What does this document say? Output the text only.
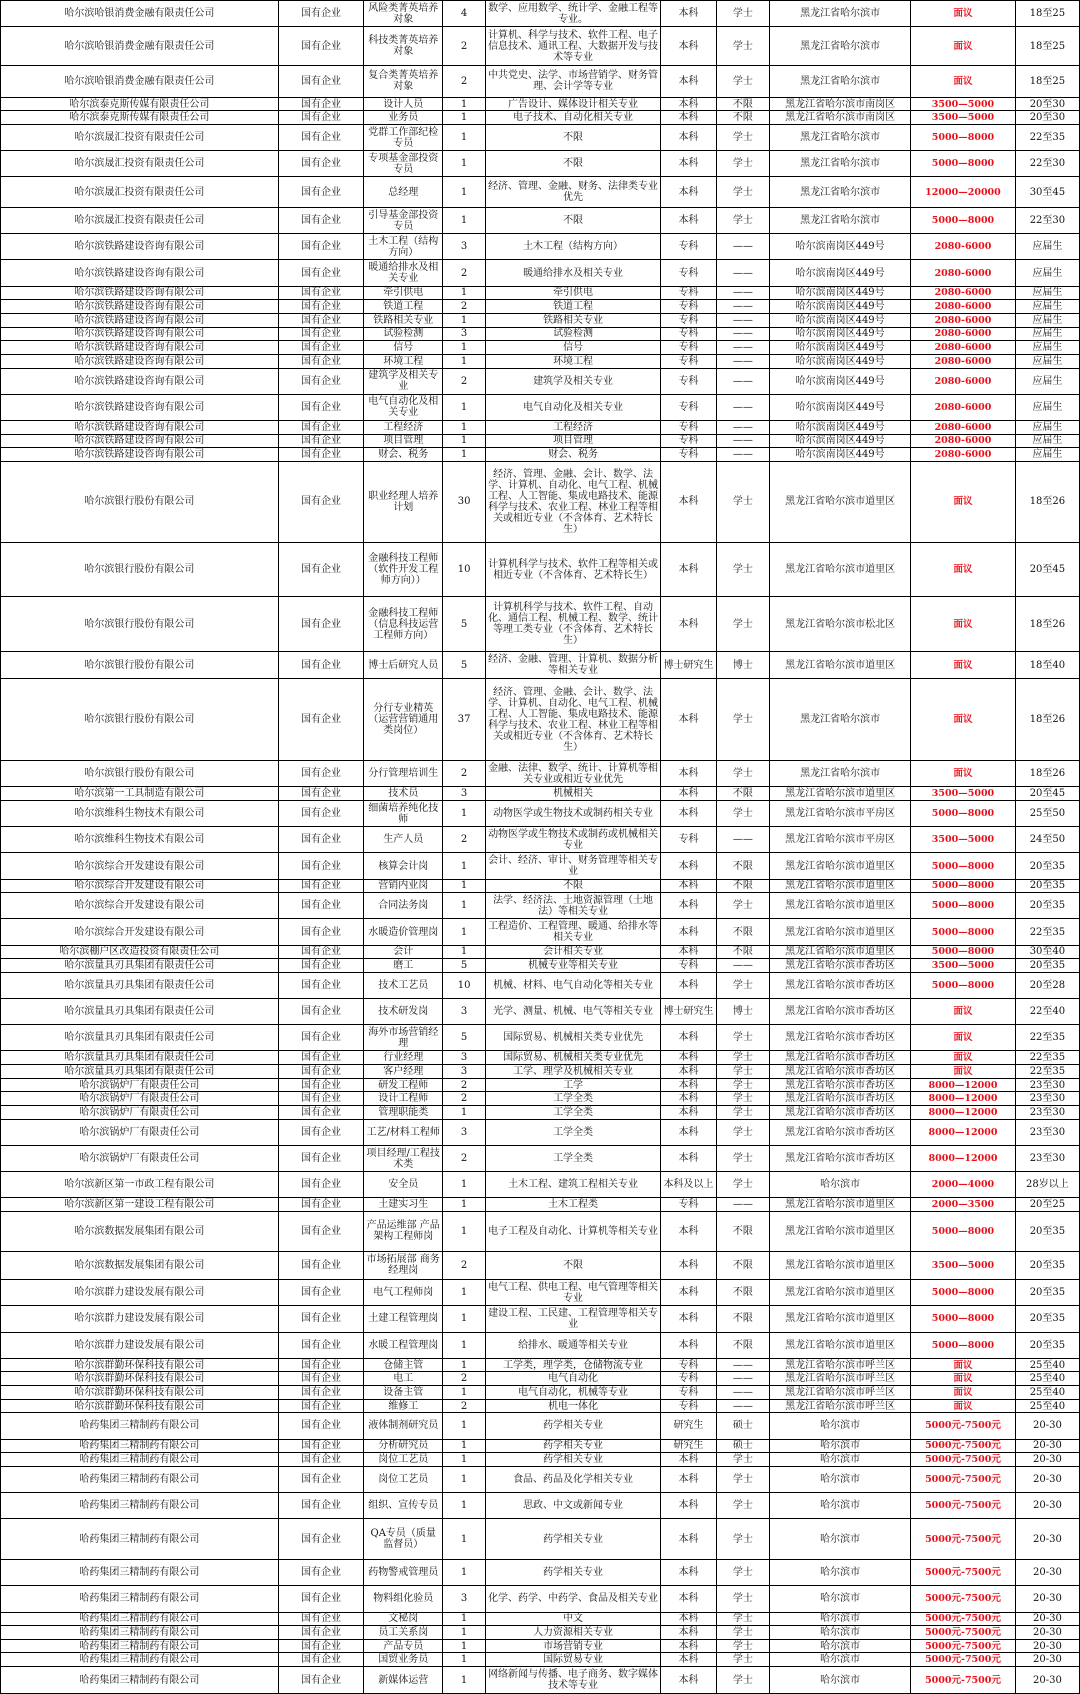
哈尔滨哈银消费金融有限责任公司	国有企业	风险类菁英培养对象	4	数学、应用数学、统计学、金融工程等专业。	本科	学士	黑龙江省哈尔滨市	面议	18至25
哈尔滨哈银消费金融有限责任公司	国有企业	科技类菁英培养对象	2	计算机、科学与技术、软件工程、电子信息技术、通讯工程、大数据开发与技术等专业	本科	学士	黑龙江省哈尔滨市	面议	18至25
哈尔滨哈银消费金融有限责任公司	国有企业	复合类菁英培养对象	2	中共党史、法学、市场营销学、财务管理、会计学等专业	本科	学士	黑龙江省哈尔滨市	面议	18至25
哈尔滨泰克斯传媒有限责任公司	国有企业	设计人员	1	广告设计、媒体设计相关专业	本科	不限	黑龙江省哈尔滨市南岗区	3500—5000	20至30
哈尔滨泰克斯传媒有限责任公司	国有企业	业务员	1	电子技术、自动化相关专业	本科	不限	黑龙江省哈尔滨市南岗区	3500—5000	20至30
哈尔滨晟汇投资有限责任公司	国有企业	党群工作部纪检专员	1	不限	本科	学士	黑龙江省哈尔滨市	5000—8000	22至35
哈尔滨晟汇投资有限责任公司	国有企业	专项基金部投资专员	1	不限	本科	学士	黑龙江省哈尔滨市	5000—8000	22至30
哈尔滨晟汇投资有限责任公司	国有企业	总经理	1	经济、管理、金融、财务、法律类专业优先	本科	学士	黑龙江省哈尔滨市	12000—20000	30至45
哈尔滨晟汇投资有限责任公司	国有企业	引导基金部投资专员	1	不限	本科	学士	黑龙江省哈尔滨市	5000—8000	22至30
哈尔滨铁路建设咨询有限公司	国有企业	土木工程（结构方向）	3	土木工程（结构方向）	专科	——	哈尔滨南岗区449号	2080-6000	应届生
哈尔滨铁路建设咨询有限公司	国有企业	暖通给排水及相关专业	2	暖通给排水及相关专业	专科	——	哈尔滨南岗区449号	2080-6000	应届生
哈尔滨铁路建设咨询有限公司	国有企业	牵引供电	1	牵引供电	专科	——	哈尔滨南岗区449号	2080-6000	应届生
哈尔滨铁路建设咨询有限公司	国有企业	铁道工程	2	铁道工程	专科	——	哈尔滨南岗区449号	2080-6000	应届生
哈尔滨铁路建设咨询有限公司	国有企业	铁路相关专业	1	铁路相关专业	专科	——	哈尔滨南岗区449号	2080-6000	应届生
哈尔滨铁路建设咨询有限公司	国有企业	试验检测	3	试验检测	专科	——	哈尔滨南岗区449号	2080-6000	应届生
哈尔滨铁路建设咨询有限公司	国有企业	信号	1	信号	专科	——	哈尔滨南岗区449号	2080-6000	应届生
哈尔滨铁路建设咨询有限公司	国有企业	环境工程	1	环境工程	专科	——	哈尔滨南岗区449号	2080-6000	应届生
哈尔滨铁路建设咨询有限公司	国有企业	建筑学及相关专业	2	建筑学及相关专业	专科	——	哈尔滨南岗区449号	2080-6000	应届生
哈尔滨铁路建设咨询有限公司	国有企业	电气自动化及相关专业	1	电气自动化及相关专业	专科	——	哈尔滨南岗区449号	2080-6000	应届生
哈尔滨铁路建设咨询有限公司	国有企业	工程经济	1	工程经济	专科	——	哈尔滨南岗区449号	2080-6000	应届生
哈尔滨铁路建设咨询有限公司	国有企业	项目管理	1	项目管理	专科	——	哈尔滨南岗区449号	2080-6000	应届生
哈尔滨铁路建设咨询有限公司	国有企业	财会、税务	1	财会、税务	专科	——	哈尔滨南岗区449号	2080-6000	应届生
哈尔滨银行股份有限公司	国有企业	职业经理人培养计划	30	经济、管理、金融、会计、数学、法学、计算机、自动化、电气工程、机械工程、人工智能、集成电路技术、能源科学与技术、农业工程、林业工程等相关或相近专业（不含体育、艺术特长生）	本科	学士	黑龙江省哈尔滨市道里区	面议	18至26
哈尔滨银行股份有限公司	国有企业	金融科技工程师（软件开发工程师方向））	10	计算机科学与技术、软件工程等相关或相近专业（不含体育、艺术特长生）	本科	学士	黑龙江省哈尔滨市道里区	面议	20至45
哈尔滨银行股份有限公司	国有企业	金融科技工程师（信息科技运营工程师方向）	5	计算机科学与技术、软件工程、自动化、通信工程、机械工程、数学、统计等理工类专业（不含体育、艺术特长生）	本科	学士	黑龙江省哈尔滨市松北区	面议	18至26
哈尔滨银行股份有限公司	国有企业	博士后研究人员	5	经济、金融、管理、计算机、数据分析等相关专业	博士研究生	博士	黑龙江省哈尔滨市道里区	面议	18至40
哈尔滨银行股份有限公司	国有企业	分行专业精英（运营营销通用类岗位）	37	经济、管理、金融、会计、数学、法学、计算机、自动化、电气工程、机械工程、人工智能、集成电路技术、能源科学与技术、农业工程、林业工程等相关或相近专业（不含体育、艺术特长生）	本科	学士	黑龙江省哈尔滨市	面议	18至26
哈尔滨银行股份有限公司	国有企业	分行管理培训生	2	金融、法律、数学、统计、计算机等相关专业或相近专业优先	本科	学士	黑龙江省哈尔滨市	面议	18至26
哈尔滨第一工具制造有限公司	国有企业	技术员	3	机械相关	本科	不限	黑龙江省哈尔滨市道里区	3500—5000	20至45
哈尔滨维科生物技术有限公司	国有企业	细菌培养纯化技师	1	动物医学或生物技术或制药相关专业	本科	学士	黑龙江省哈尔滨市平房区	5000—8000	25至50
哈尔滨维科生物技术有限公司	国有企业	生产人员	2	动物医学或生物技术或制药或机械相关专业	专科	——	黑龙江省哈尔滨市平房区	3500—5000	24至50
哈尔滨综合开发建设有限公司	国有企业	核算会计岗	1	会计、经济、审计、财务管理等相关专业	本科	不限	黑龙江省哈尔滨市道里区	5000—8000	20至35
哈尔滨综合开发建设有限公司	国有企业	营销内业岗	1	不限	本科	不限	黑龙江省哈尔滨市道里区	5000—8000	20至35
哈尔滨综合开发建设有限公司	国有企业	合同法务岗	1	法学、经济法、土地资源管理（土地法）等相关专业	本科	学士	黑龙江省哈尔滨市道里区	5000—8000	20至35
哈尔滨综合开发建设有限公司	国有企业	水暖造价管理岗	1	工程造价、工程管理、暖通、给排水等相关专业	本科	不限	黑龙江省哈尔滨市道里区	5000—8000	22至35
哈尔滨棚户区改造投资有限责任公司	国有企业	会计	1	会计相关专业	本科	不限	黑龙江省哈尔滨市道里区	5000—8000	30至40
哈尔滨量具刃具集团有限责任公司	国有企业	磨工	5	机械专业等相关专业	专科	——	黑龙江省哈尔滨市香坊区	3500—5000	20至35
哈尔滨量具刃具集团有限责任公司	国有企业	技术工艺员	10	机械、材料、电气自动化等相关专业	本科	学士	黑龙江省哈尔滨市香坊区	5000—8000	20至28
哈尔滨量具刃具集团有限责任公司	国有企业	技术研发岗	3	光学、测量、机械、电气等相关专业	博士研究生	博士	黑龙江省哈尔滨市香坊区	面议	22至40
哈尔滨量具刃具集团有限责任公司	国有企业	海外市场营销经理	5	国际贸易、机械相关类专业优先	本科	学士	黑龙江省哈尔滨市香坊区	面议	22至35
哈尔滨量具刃具集团有限责任公司	国有企业	行业经理	3	国际贸易、机械相关类专业优先	本科	学士	黑龙江省哈尔滨市香坊区	面议	22至35
哈尔滨量具刃具集团有限责任公司	国有企业	客户经理	3	工学、理学及机械相关专业	本科	学士	黑龙江省哈尔滨市香坊区	面议	22至35
哈尔滨锅炉厂有限责任公司	国有企业	研发工程师	2	工学	本科	学士	黑龙江省哈尔滨市香坊区	8000—12000	23至30
哈尔滨锅炉厂有限责任公司	国有企业	设计工程师	2	工学全类	本科	学士	黑龙江省哈尔滨市香坊区	8000—12000	23至30
哈尔滨锅炉厂有限责任公司	国有企业	管理职能类	1	工学全类	本科	学士	黑龙江省哈尔滨市香坊区	8000—12000	23至30
哈尔滨锅炉厂有限责任公司	国有企业	工艺/材料工程师	3	工学全类	本科	学士	黑龙江省哈尔滨市香坊区	8000—12000	23至30
哈尔滨锅炉厂有限责任公司	国有企业	项目经理/工程技术类	2	工学全类	本科	学士	黑龙江省哈尔滨市香坊区	8000—12000	23至30
哈尔滨新区第一市政工程有限公司	国有企业	安全员	1	土木工程、建筑工程相关专业	本科及以上	学士	哈尔滨市	2000—4000	28岁以上
哈尔滨新区第一建设工程有限公司	国有企业	土建实习生	1	土木工程类	专科	——	黑龙江省哈尔滨市道里区	2000—3500	20至25
哈尔滨数据发展集团有限公司	国有企业	产品运维部 产品架构工程师岗	1	电子工程及自动化、计算机等相关专业	本科	不限	黑龙江省哈尔滨市道里区	5000—8000	20至35
哈尔滨数据发展集团有限公司	国有企业	市场拓展部 商务经理岗	2	不限	本科	不限	黑龙江省哈尔滨市道里区	3500—5000	20至35
哈尔滨群力建设发展有限公司	国有企业	电气工程师岗	1	电气工程、供电工程、电气管理等相关专业	本科	不限	黑龙江省哈尔滨市道里区	5000—8000	20至35
哈尔滨群力建设发展有限公司	国有企业	土建工程管理岗	1	建设工程、工民建、工程管理等相关专业	本科	不限	黑龙江省哈尔滨市道里区	5000—8000	20至35
哈尔滨群力建设发展有限公司	国有企业	水暖工程管理岗	1	给排水、暖通等相关专业	本科	不限	黑龙江省哈尔滨市道里区	5000—8000	20至35
哈尔滨群勤环保科技有限公司	国有企业	仓储主管	1	工学类，理学类，仓储物流专业	专科	——	黑龙江省哈尔滨市呼兰区	面议	25至40
哈尔滨群勤环保科技有限公司	国有企业	电工	2	电气自动化	专科	——	黑龙江省哈尔滨市呼兰区	面议	25至40
哈尔滨群勤环保科技有限公司	国有企业	设备主管	1	电气自动化，机械等专业	专科	——	黑龙江省哈尔滨市呼兰区	面议	25至40
哈尔滨群勤环保科技有限公司	国有企业	维修工	2	机电一体化	专科	——	黑龙江省哈尔滨市呼兰区	面议	25至40
哈药集团三精制药有限公司	国有企业	液体制剂研究员	1	药学相关专业	研究生	硕士	哈尔滨市	5000元-7500元	20-30
哈药集团三精制药有限公司	国有企业	分析研究员	1	药学相关专业	研究生	硕士	哈尔滨市	5000元-7500元	20-30
哈药集团三精制药有限公司	国有企业	岗位工艺员	1	药学相关专业	本科	学士	哈尔滨市	5000元-7500元	20-30
哈药集团三精制药有限公司	国有企业	岗位工艺员	1	食品、药品及化学相关专业	本科	学士	哈尔滨市	5000元-7500元	20-30
哈药集团三精制药有限公司	国有企业	组织、宣传专员	1	思政、中文或新闻专业	本科	学士	哈尔滨市	5000元-7500元	20-30
哈药集团三精制药有限公司	国有企业	QA专员（质量监督员）	1	药学相关专业	本科	学士	哈尔滨市	5000元-7500元	20-30
哈药集团三精制药有限公司	国有企业	药物警戒管理员	1	药学相关专业	本科	学士	哈尔滨市	5000元-7500元	20-30
哈药集团三精制药有限公司	国有企业	物料组化验员	3	化学、药学、中药学、食品及相关专业	本科	学士	哈尔滨市	5000元-7500元	20-30
哈药集团三精制药有限公司	国有企业	文秘岗	1	中文	本科	学士	哈尔滨市	5000元-7500元	20-30
哈药集团三精制药有限公司	国有企业	员工关系岗	1	人力资源相关专业	本科	学士	哈尔滨市	5000元-7500元	20-30
哈药集团三精制药有限公司	国有企业	产品专员	1	市场营销专业	本科	学士	哈尔滨市	5000元-7500元	20-30
哈药集团三精制药有限公司	国有企业	国贸业务员	1	国际贸易专业	本科	学士	哈尔滨市	5000元-7500元	20-30
哈药集团三精制药有限公司	国有企业	新媒体运营	1	网络新闻与传播、电子商务、数字媒体技术等专业	本科	学士	哈尔滨市	5000元-7500元	20-30
